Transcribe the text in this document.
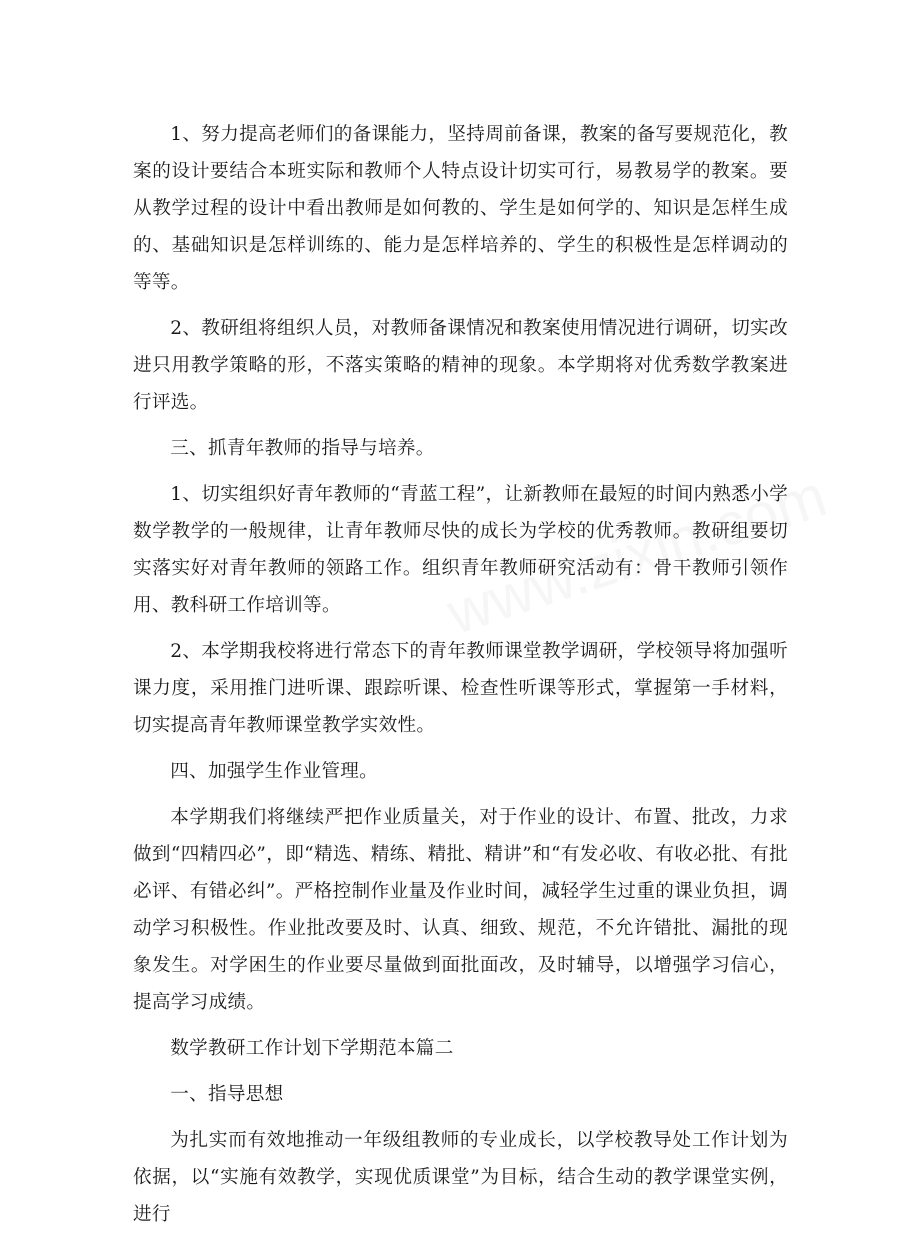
1、努力提高老师们的备课能力，坚持周前备课，教案的备写要规范化，教案的设计要结合本班实际和教师个人特点设计切实可行，易教易学的教案。要从教学过程的设计中看出教师是如何教的、学生是如何学的、知识是怎样生成的、基础知识是怎样训练的、能力是怎样培养的、学生的积极性是怎样调动的等等。

2、教研组将组织人员，对教师备课情况和教案使用情况进行调研，切实改进只用教学策略的形，不落实策略的精神的现象。本学期将对优秀数学教案进行评选。

三、抓青年教师的指导与培养。

1、切实组织好青年教师的“青蓝工程”，让新教师在最短的时间内熟悉小学数学教学的一般规律，让青年教师尽快的成长为学校的优秀教师。教研组要切实落实好对青年教师的领路工作。组织青年教师研究活动有：骨干教师引领作用、教科研工作培训等。

2、本学期我校将进行常态下的青年教师课堂教学调研，学校领导将加强听课力度，采用推门进听课、跟踪听课、检查性听课等形式，掌握第一手材料，切实提高青年教师课堂教学实效性。

四、加强学生作业管理。

本学期我们将继续严把作业质量关，对于作业的设计、布置、批改，力求做到“四精四必”，即“精选、精练、精批、精讲”和“有发必收、有收必批、有批必评、有错必纠”。严格控制作业量及作业时间，减轻学生过重的课业负担，调动学习积极性。作业批改要及时、认真、细致、规范，不允许错批、漏批的现象发生。对学困生的作业要尽量做到面批面改，及时辅导，以增强学习信心，提高学习成绩。

数学教研工作计划下学期范本篇二

一、指导思想

为扎实而有效地推动一年级组教师的专业成长，以学校教导处工作计划为依据，以“实施有效教学，实现优质课堂”为目标，结合生动的教学课堂实例，进行
